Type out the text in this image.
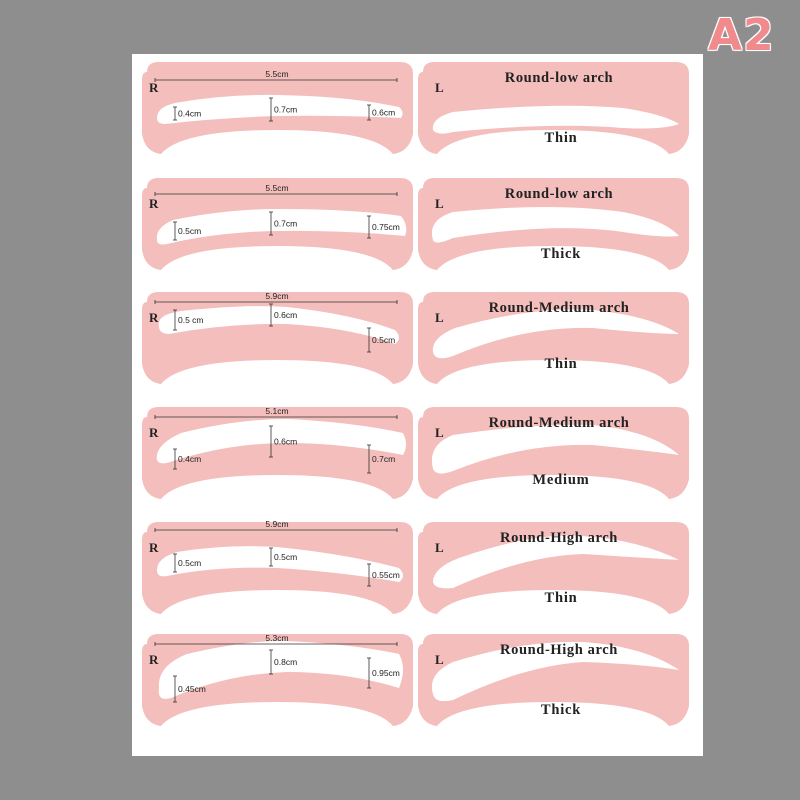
A2
R
5.5cm
0.4cm	0.7cm	0.6cm
R
5.5cm
0.5cm
0.7cm	0.75cm
R
5.9cm
0.5 cm	0.6cm
0.5cm
R
5.1cm
0.4cm
0.6cm
0.7cm
R
5.9cm
0.5cm
0.5cm
0.55cm
R
5.3cm
0.45cm
0.8cm
0.95cm
L
Round-low arch
Thin
L
Round-low arch
Thick
L
Round-Medium arch
Thin
L
Round-Medium arch
Medium
L
Round-High arch
Thin
L
Round-High arch
Thick
